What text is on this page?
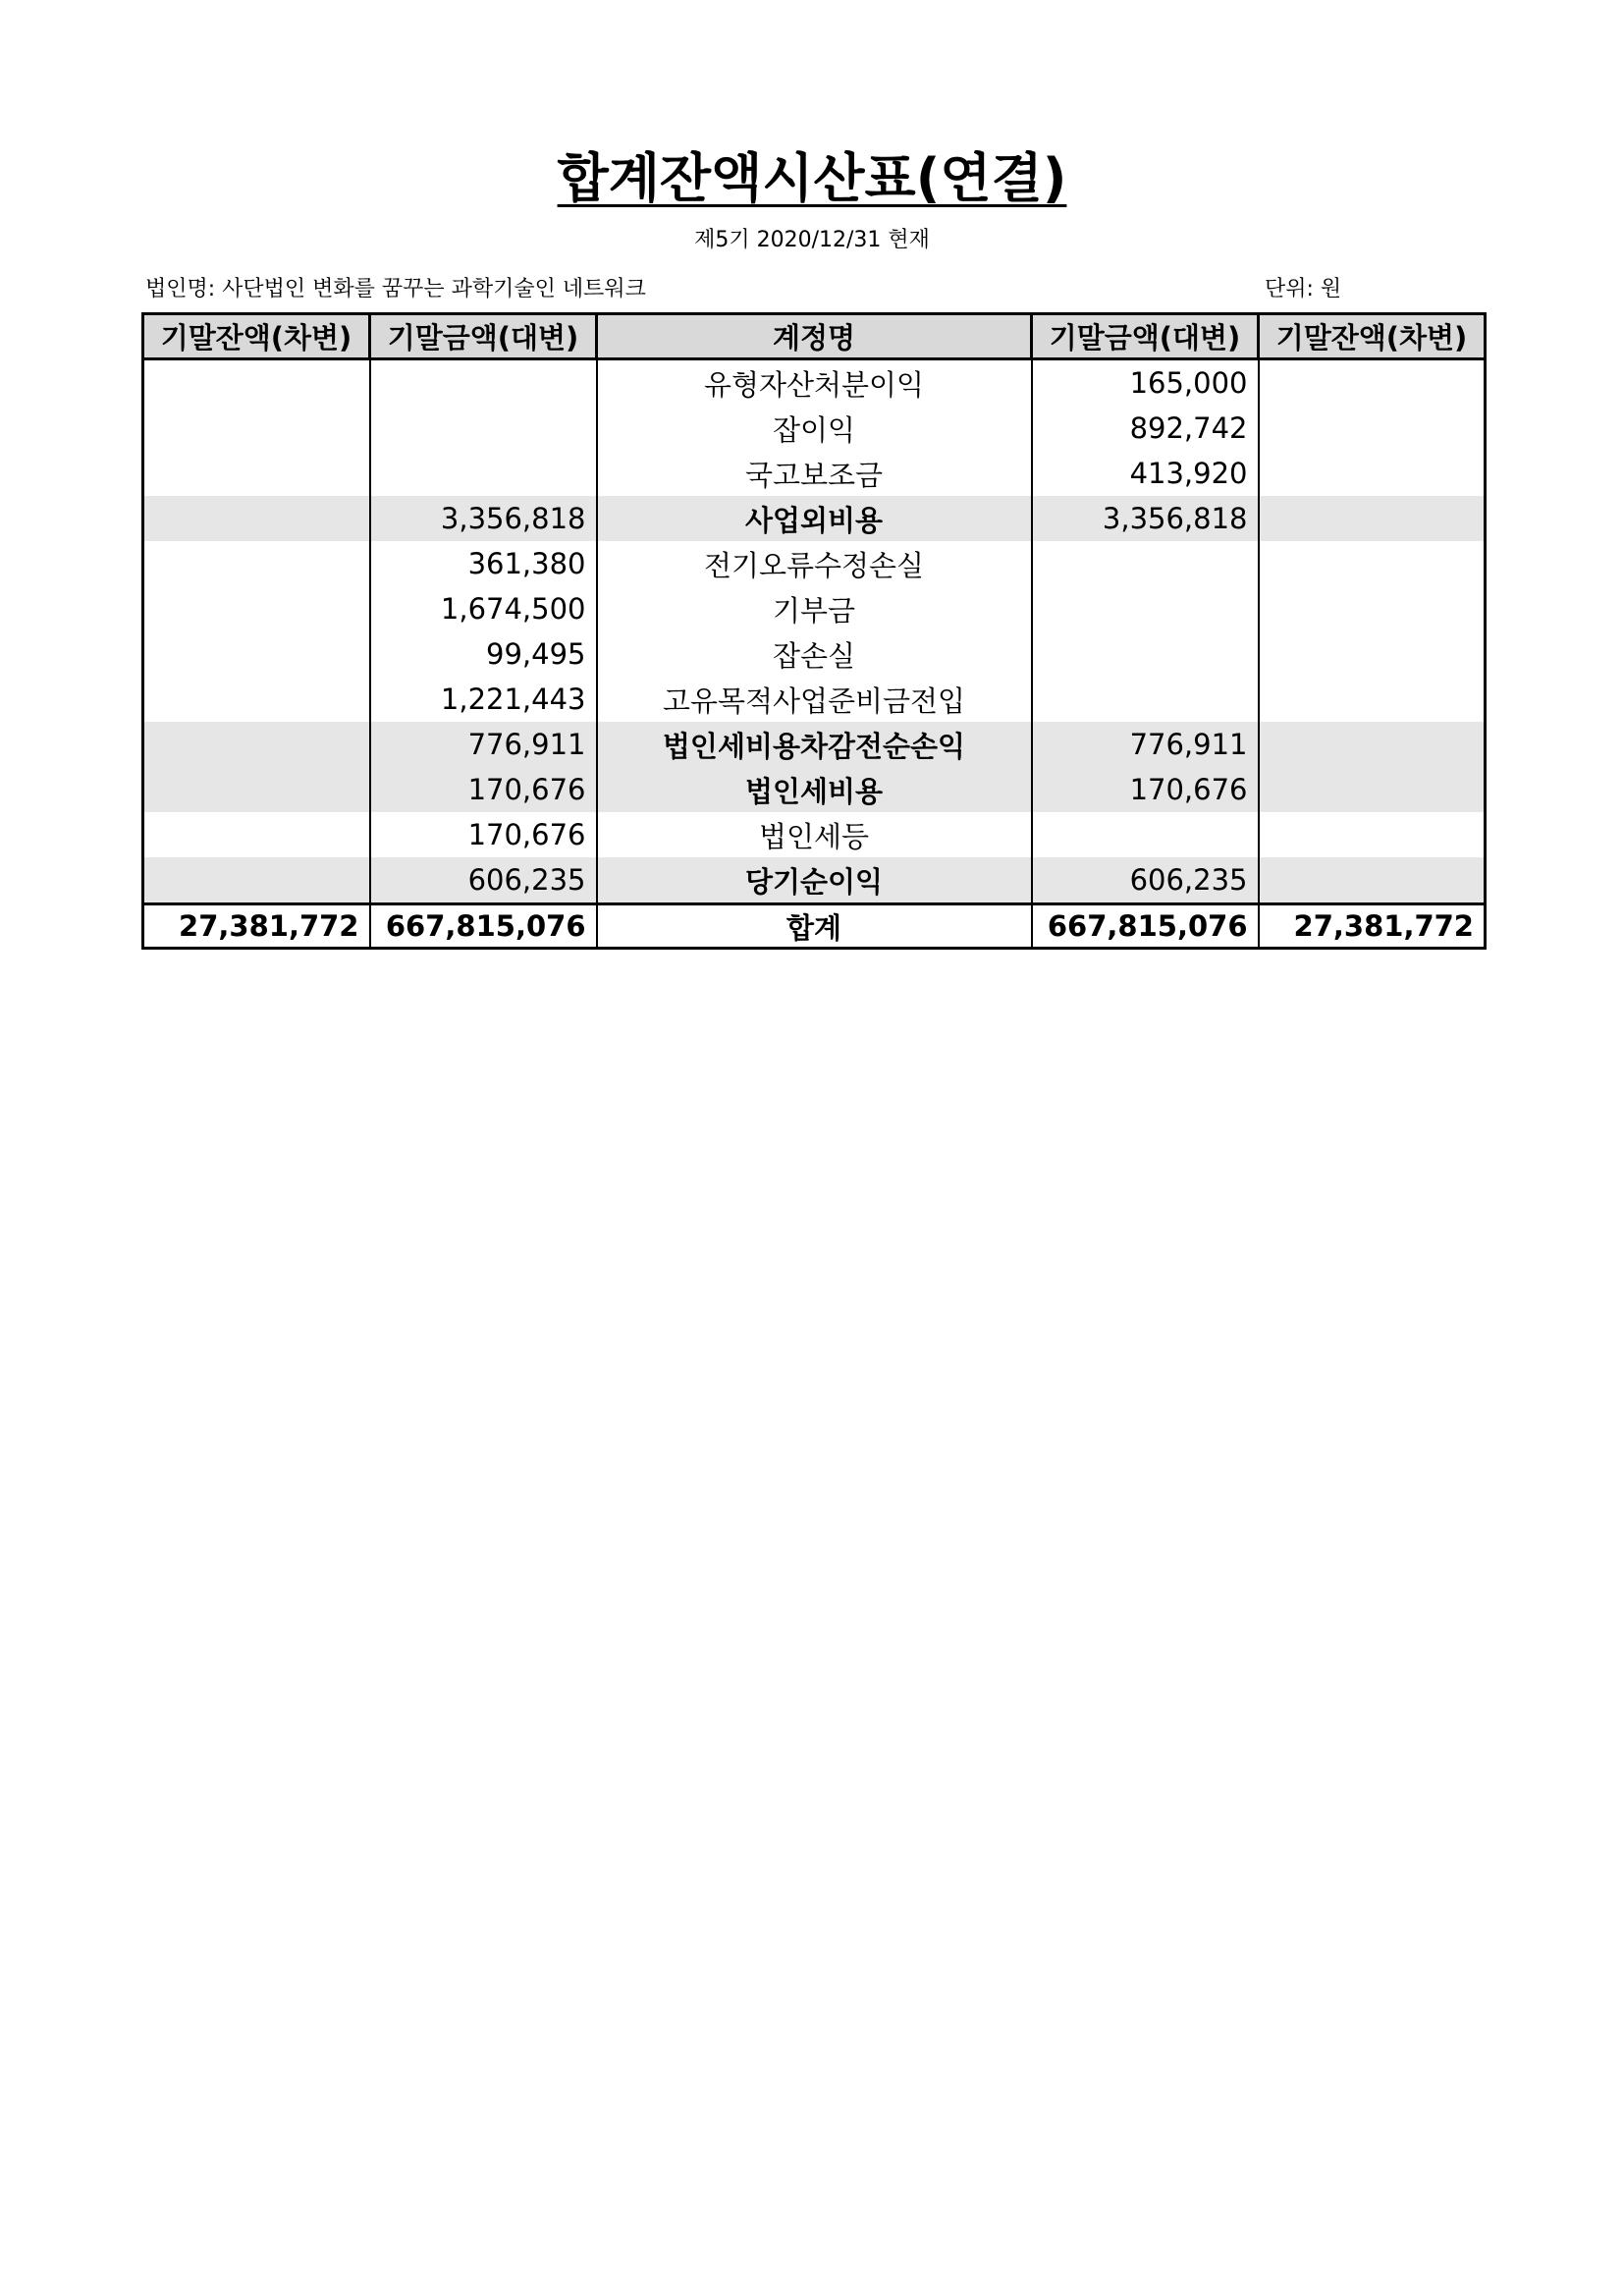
합계잔액시산표(연결)
제5기 2020/12/31 현재
법인명: 사단법인 변화를 꿈꾸는 과학기술인 네트워크	단위: 원
기말잔액(차변)	기말금액(대변)	계정명	기말금액(대변)	기말잔액(차변)
		유형자산처분이익	165,000	
		잡이익	892,742	
		국고보조금	413,920	
	3,356,818	사업외비용	3,356,818	
	361,380	전기오류수정손실		
	1,674,500	기부금		
	99,495	잡손실		
	1,221,443	고유목적사업준비금전입		
	776,911	법인세비용차감전순손익	776,911	
	170,676	법인세비용	170,676	
	170,676	법인세등		
	606,235	당기순이익	606,235	
27,381,772	667,815,076	합계	667,815,076	27,381,772
